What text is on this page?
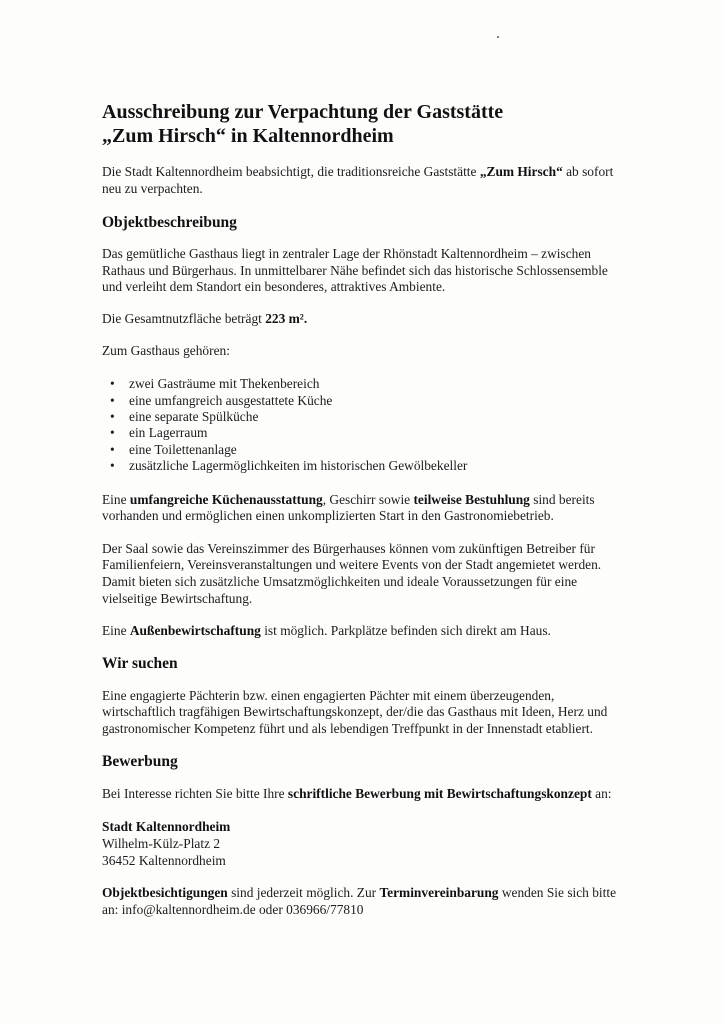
Ausschreibung zur Verpachtung der Gaststätte
„Zum Hirsch“ in Kaltennordheim

Die Stadt Kaltennordheim beabsichtigt, die traditionsreiche Gaststätte „Zum Hirsch“ ab sofort neu zu verpachten.

Objektbeschreibung

Das gemütliche Gasthaus liegt in zentraler Lage der Rhönstadt Kaltennordheim – zwischen Rathaus und Bürgerhaus. In unmittelbarer Nähe befindet sich das historische Schlossensemble und verleiht dem Standort ein besonderes, attraktives Ambiente.

Die Gesamtnutzfläche beträgt 223 m².

Zum Gasthaus gehören:

• zwei Gasträume mit Thekenbereich
• eine umfangreich ausgestattete Küche
• eine separate Spülküche
• ein Lagerraum
• eine Toilettenanlage
• zusätzliche Lagermöglichkeiten im historischen Gewölbekeller

Eine umfangreiche Küchenausstattung, Geschirr sowie teilweise Bestuhlung sind bereits vorhanden und ermöglichen einen unkomplizierten Start in den Gastronomiebetrieb.

Der Saal sowie das Vereinszimmer des Bürgerhauses können vom zukünftigen Betreiber für Familienfeiern, Vereinsveranstaltungen und weitere Events von der Stadt angemietet werden. Damit bieten sich zusätzliche Umsatzmöglichkeiten und ideale Voraussetzungen für eine vielseitige Bewirtschaftung.

Eine Außenbewirtschaftung ist möglich. Parkplätze befinden sich direkt am Haus.

Wir suchen

Eine engagierte Pächterin bzw. einen engagierten Pächter mit einem überzeugenden, wirtschaftlich tragfähigen Bewirtschaftungskonzept, der/die das Gasthaus mit Ideen, Herz und gastronomischer Kompetenz führt und als lebendigen Treffpunkt in der Innenstadt etabliert.

Bewerbung

Bei Interesse richten Sie bitte Ihre schriftliche Bewerbung mit Bewirtschaftungskonzept an:

Stadt Kaltennordheim

Wilhelm-Külz-Platz 2

36452 Kaltennordheim

Objektbesichtigungen sind jederzeit möglich. Zur Terminvereinbarung wenden Sie sich bitte an: info@kaltennordheim.de oder 036966/77810
